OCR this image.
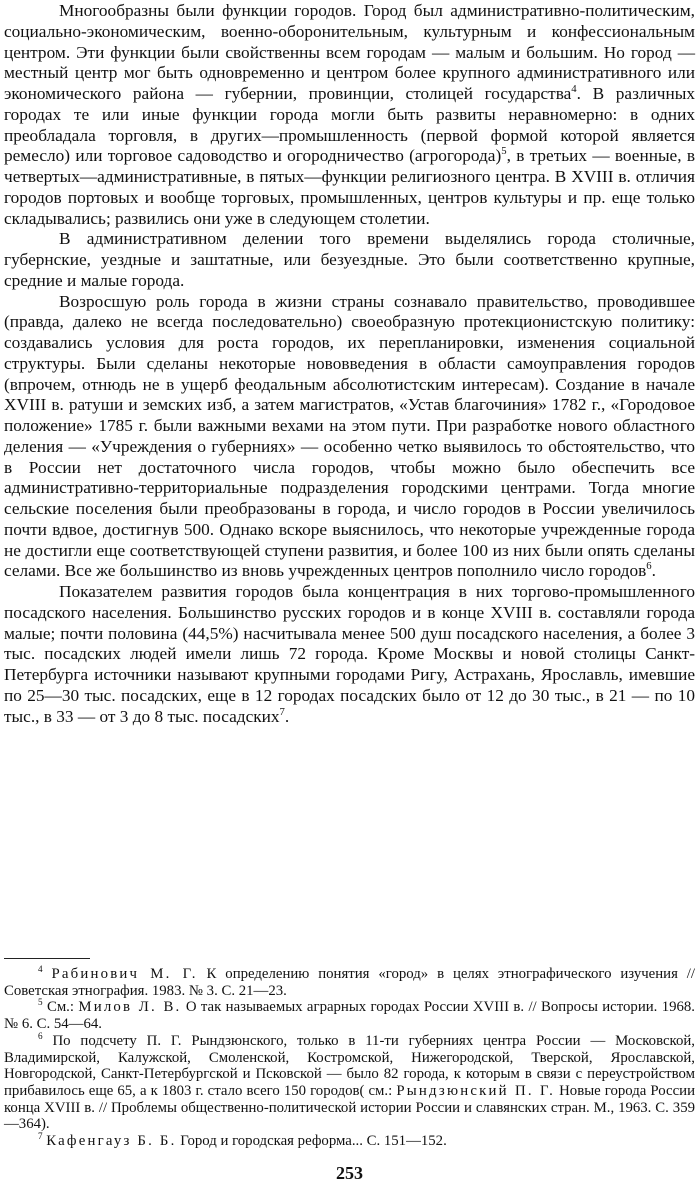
Многообразны были функции городов. Город был административно-политическим, социально-экономическим, военно-оборонительным, культурным и конфессиональным центром. Эти функции были свойственны всем городам — малым и большим. Но город — местный центр мог быть одновременно и центром более крупного административного или экономического района — губернии, провинции, столицей государства$^4$. В различных городах те или иные функции города могли быть развиты неравномерно: в одних преобладала торговля, в других—промышленность (первой формой которой является ремесло) или торговое садоводство и огородничество (агрогорода)$^5$, в третьих — военные, в четвертых—административные, в пятых—функции религиозного центра. В XVIII в. отличия городов портовых и вообще торговых, промышленных, центров культуры и пр. еще только складывались; развились они уже в следующем столетии.

В административном делении того времени выделялись города столичные, губернские, уездные и заштатные, или безуездные. Это были соответственно крупные, средние и малые города.

Возросшую роль города в жизни страны сознавало правительство, проводившее (правда, далеко не всегда последовательно) своеобразную протекционистскую политику: создавались условия для роста городов, их перепланировки, изменения социальной структуры. Были сделаны некоторые нововведения в области самоуправления городов (впрочем, отнюдь не в ущерб феодальным абсолютистским интересам). Создание в начале XVIII в. ратуши и земских изб, а затем магистратов, «Устав благочиния» 1782 г., «Городовое положение» 1785 г. были важными вехами на этом пути. При разработке нового областного деления — «Учреждения о губерниях» — особенно четко выявилось то обстоятельство, что в России нет достаточного числа городов, чтобы можно было обеспечить все административно-территориальные подразделения городскими центрами. Тогда многие сельские поселения были преобразованы в города, и число городов в России увеличилось почти вдвое, достигнув 500. Однако вскоре выяснилось, что некоторые учрежденные города не достигли еще соответствующей ступени развития, и более 100 из них были опять сделаны селами. Все же большинство из вновь учрежденных центров пополнило число городов$^6$.

Показателем развития городов была концентрация в них торгово-промышленного посадского населения. Большинство русских городов и в конце XVIII в. составляли города малые; почти половина (44,5%) насчитывала менее 500 душ посадского населения, а более 3 тыс. посадских людей имели лишь 72 города. Кроме Москвы и новой столицы Санкт-Петербурга источники называют крупными городами Ригу, Астрахань, Ярославль, имевшие по 25—30 тыс. посадских, еще в 12 городах посадских было от 12 до 30 тыс., в 21 — по 10 тыс., в 33 — от 3 до 8 тыс. посадских$^7$.

$^4$ Рабинович М. Г. К определению понятия «город» в целях этнографического изучения // Советская этнография. 1983. № 3. С. 21—23.

$^5$ См.: Милов Л. В. О так называемых аграрных городах России XVIII в. // Вопросы истории. 1968. № 6. С. 54—64.

$^6$ По подсчету П. Г. Рындзюнского, только в 11-ти губерниях центра России — Московской, Владимирской, Калужской, Смоленской, Костромской, Нижегородской, Тверской, Ярославской, Новгородской, Санкт-Петербургской и Псковской — было 82 города, к которым в связи с переустройством прибавилось еще 65, а к 1803 г. стало всего 150 городов( см.: Рындзюнский П. Г. Новые города России конца XVIII в. // Проблемы общественно-политической истории России и славянских стран. М., 1963. С. 359—364).

$^7$ Кафенгауз Б. Б. Город и городская реформа... С. 151—152.

253
